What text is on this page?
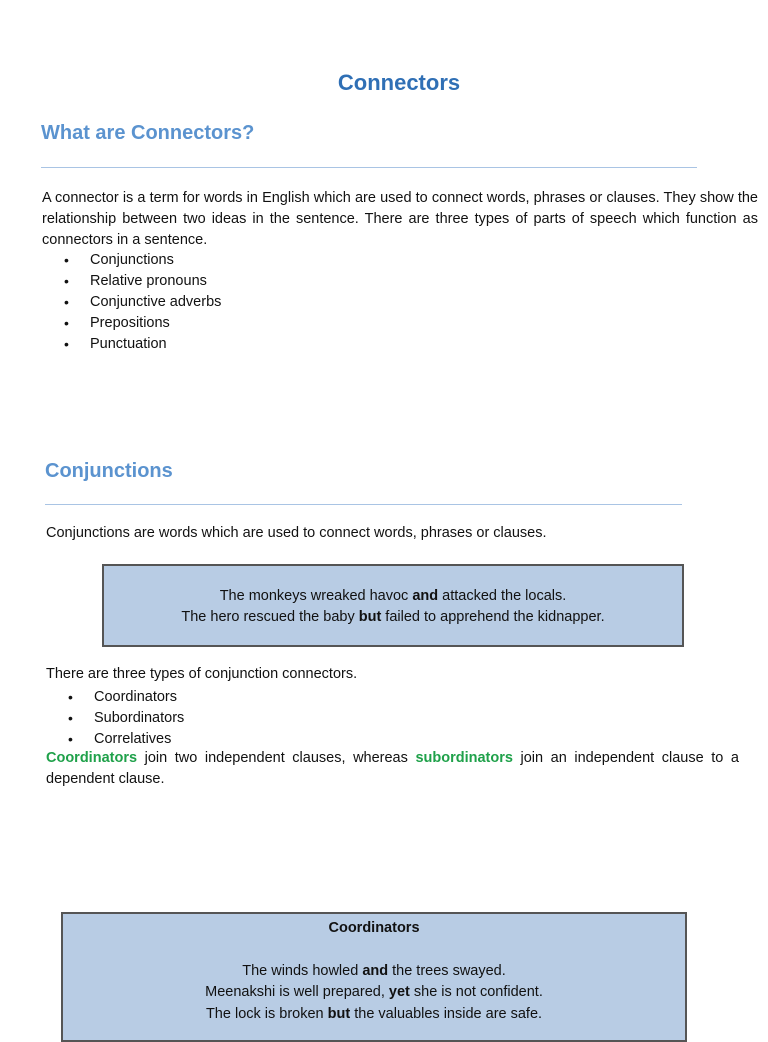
Connectors
What are Connectors?
A connector is a term for words in English which are used to connect words, phrases or clauses. They show the relationship between two ideas in the sentence. There are three types of parts of speech which function as connectors in a sentence.
• Conjunctions
• Relative pronouns
• Conjunctive adverbs
• Prepositions
• Punctuation
Conjunctions
Conjunctions are words which are used to connect words, phrases or clauses.
The monkeys wreaked havoc and attacked the locals.
The hero rescued the baby but failed to apprehend the kidnapper.
There are three types of conjunction connectors.
• Coordinators
• Subordinators
• Correlatives
Coordinators join two independent clauses, whereas subordinators join an independent clause to a dependent clause.
Coordinators
The winds howled and the trees swayed.
Meenakshi is well prepared, yet she is not confident.
The lock is broken but the valuables inside are safe.
